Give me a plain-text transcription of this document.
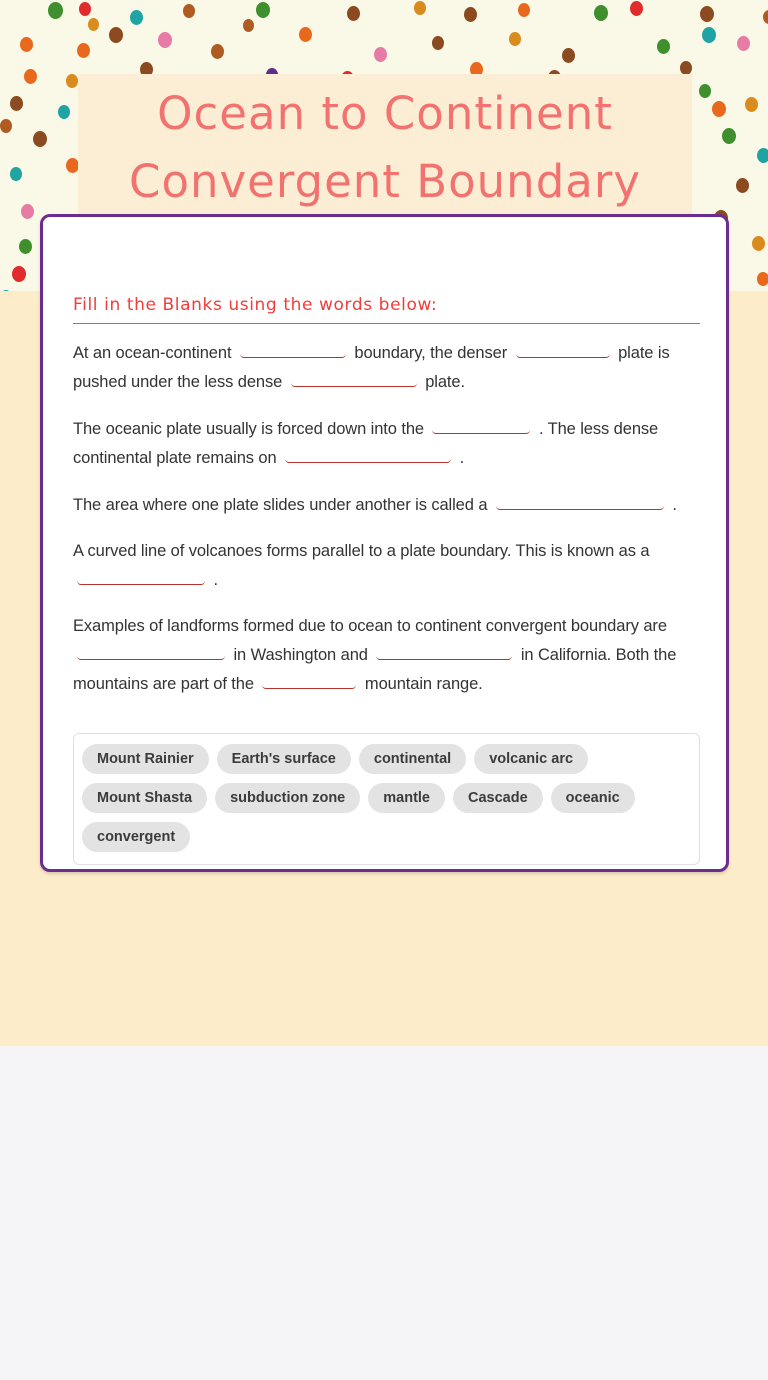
Ocean to Continent
Convergent Boundary
Fill in the Blanks using the words below:

At an ocean-continent	boundary, the denser	plate is pushed under the less dense	plate.

The oceanic plate usually is forced down into the	. The less dense continental plate remains on	.

The area where one plate slides under another is called a	.

A curved line of volcanoes forms parallel to a plate boundary. This is known as a  .

Examples of landforms formed due to ocean to continent convergent boundary are  in Washington and	in California. Both the mountains are part of the	mountain range.

Mount Rainier	Earth's surface	continental	volcanic arc
Mount Shasta	subduction zone	mantle	Cascade	oceanic
convergent
